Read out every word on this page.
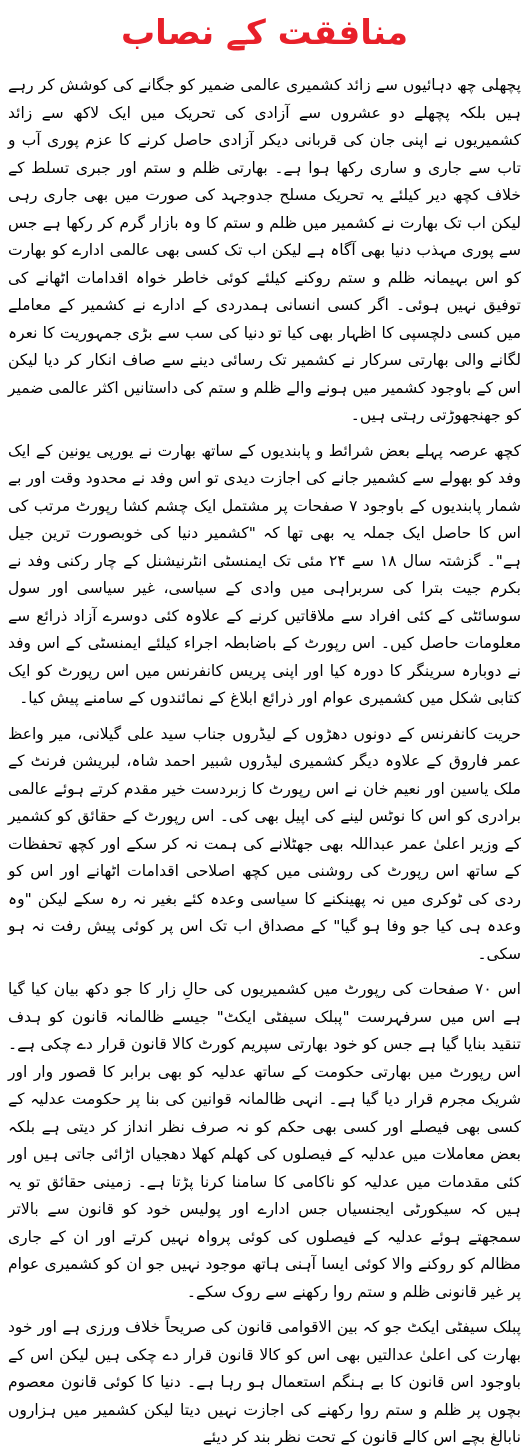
منافقت کے نصاب

پچھلی چھ دہائیوں سے زائد کشمیری عالمی ضمیر کو جگانے کی کوشش کر رہے ہیں بلکہ پچھلے دو عشروں سے آزادی کی تحریک میں ایک لاکھ سے زائد کشمیریوں نے اپنی جان کی قربانی دیکر آزادی حاصل کرنے کا عزم پوری آب و تاب سے جاری و ساری رکھا ہوا ہے۔ بھارتی ظلم و ستم اور جبری تسلط کے خلاف کچھ دیر کیلئے یہ تحریک مسلح جدوجہد کی صورت میں بھی جاری رہی لیکن اب تک بھارت نے کشمیر میں ظلم و ستم کا وہ بازار گرم کر رکھا ہے جس سے پوری مہذب دنیا بھی آگاہ ہے لیکن اب تک کسی بھی عالمی ادارے کو بھارت کو اس بہیمانہ ظلم و ستم روکنے کیلئے کوئی خاطر خواہ اقدامات اٹھانے کی توفیق نہیں ہوئی۔ اگر کسی انسانی ہمدردی کے ادارے نے کشمیر کے معاملے میں کسی دلچسپی کا اظہار بھی کیا تو دنیا کی سب سے بڑی جمہوریت کا نعرہ لگانے والی بھارتی سرکار نے کشمیر تک رسائی دینے سے صاف انکار کر دیا لیکن اس کے باوجود کشمیر میں ہونے والے ظلم و ستم کی داستانیں اکثر عالمی ضمیر کو جھنجھوڑتی رہتی ہیں۔

کچھ عرصہ پہلے بعض شرائط و پابندیوں کے ساتھ بھارت نے یورپی یونین کے ایک وفد کو بھولے سے کشمیر جانے کی اجازت دیدی تو اس وفد نے محدود وقت اور بے شمار پابندیوں کے باوجود ۷ صفحات پر مشتمل ایک چشم کشا رپورٹ مرتب کی اس کا حاصل ایک جملہ یہ بھی تھا کہ "کشمیر دنیا کی خوبصورت ترین جیل ہے"۔ گزشتہ سال ۱۸ سے ۲۴ مئی تک ایمنسٹی انٹرنیشنل کے چار رکنی وفد نے بکرم جیت بترا کی سربراہی میں وادی کے سیاسی، غیر سیاسی اور سول سوسائٹی کے کئی افراد سے ملاقاتیں کرنے کے علاوہ کئی دوسرے آزاد ذرائع سے معلومات حاصل کیں۔ اس رپورٹ کے باضابطہ اجراء کیلئے ایمنسٹی کے اس وفد نے دوبارہ سرینگر کا دورہ کیا اور اپنی پریس کانفرنس میں اس رپورٹ کو ایک کتابی شکل میں کشمیری عوام اور ذرائع ابلاغ کے نمائندوں کے سامنے پیش کیا۔

حریت کانفرنس کے دونوں دھڑوں کے لیڈروں جناب سید علی گیلانی، میر واعظ عمر فاروق کے علاوہ دیگر کشمیری لیڈروں شبیر احمد شاہ، لبریشن فرنٹ کے ملک یاسین اور نعیم خان نے اس رپورٹ کا زبردست خیر مقدم کرتے ہوئے عالمی برادری کو اس کا نوٹس لینے کی اپیل بھی کی۔ اس رپورٹ کے حقائق کو کشمیر کے وزیر اعلیٰ عمر عبداللہ بھی جھٹلانے کی ہمت نہ کر سکے اور کچھ تحفظات کے ساتھ اس رپورٹ کی روشنی میں کچھ اصلاحی اقدامات اٹھانے اور اس کو ردی کی ٹوکری میں نہ پھینکنے کا سیاسی وعدہ کئے بغیر نہ رہ سکے لیکن "وہ وعدہ ہی کیا جو وفا ہو گیا" کے مصداق اب تک اس پر کوئی پیش رفت نہ ہو سکی۔

اس ۷۰ صفحات کی رپورٹ میں کشمیریوں کی حالِ زار کا جو دکھ بیان کیا گیا ہے اس میں سرفہرست "پبلک سیفٹی ایکٹ" جیسے ظالمانہ قانون کو ہدف تنقید بنایا گیا ہے جس کو خود بھارتی سپریم کورٹ کالا قانون قرار دے چکی ہے۔ اس رپورٹ میں بھارتی حکومت کے ساتھ عدلیہ کو بھی برابر کا قصور وار اور شریک مجرم قرار دیا گیا ہے۔ انہی ظالمانہ قوانین کی بنا پر حکومت عدلیہ کے کسی بھی فیصلے اور کسی بھی حکم کو نہ صرف نظر انداز کر دیتی ہے بلکہ بعض معاملات میں عدلیہ کے فیصلوں کی کھلم کھلا دھجیاں اڑائی جاتی ہیں اور کئی مقدمات میں عدلیہ کو ناکامی کا سامنا کرنا پڑتا ہے۔ زمینی حقائق تو یہ ہیں کہ سیکورٹی ایجنسیاں جس ادارے اور پولیس خود کو قانون سے بالاتر سمجھتے ہوئے عدلیہ کے فیصلوں کی کوئی پرواہ نہیں کرتے اور ان کے جاری مظالم کو روکنے والا کوئی ایسا آہنی ہاتھ موجود نہیں جو ان کو کشمیری عوام پر غیر قانونی ظلم و ستم روا رکھنے سے روک سکے۔

پبلک سیفٹی ایکٹ جو کہ بین الاقوامی قانون کی صریحاً خلاف ورزی ہے اور خود بھارت کی اعلیٰ عدالتیں بھی اس کو کالا قانون قرار دے چکی ہیں لیکن اس کے باوجود اس قانون کا بے ہنگم استعمال ہو رہا ہے۔ دنیا کا کوئی قانون معصوم بچوں پر ظلم و ستم روا رکھنے کی اجازت نہیں دیتا لیکن کشمیر میں ہزاروں نابالغ بچے اس کالے قانون کے تحت نظر بند کر دیئے
